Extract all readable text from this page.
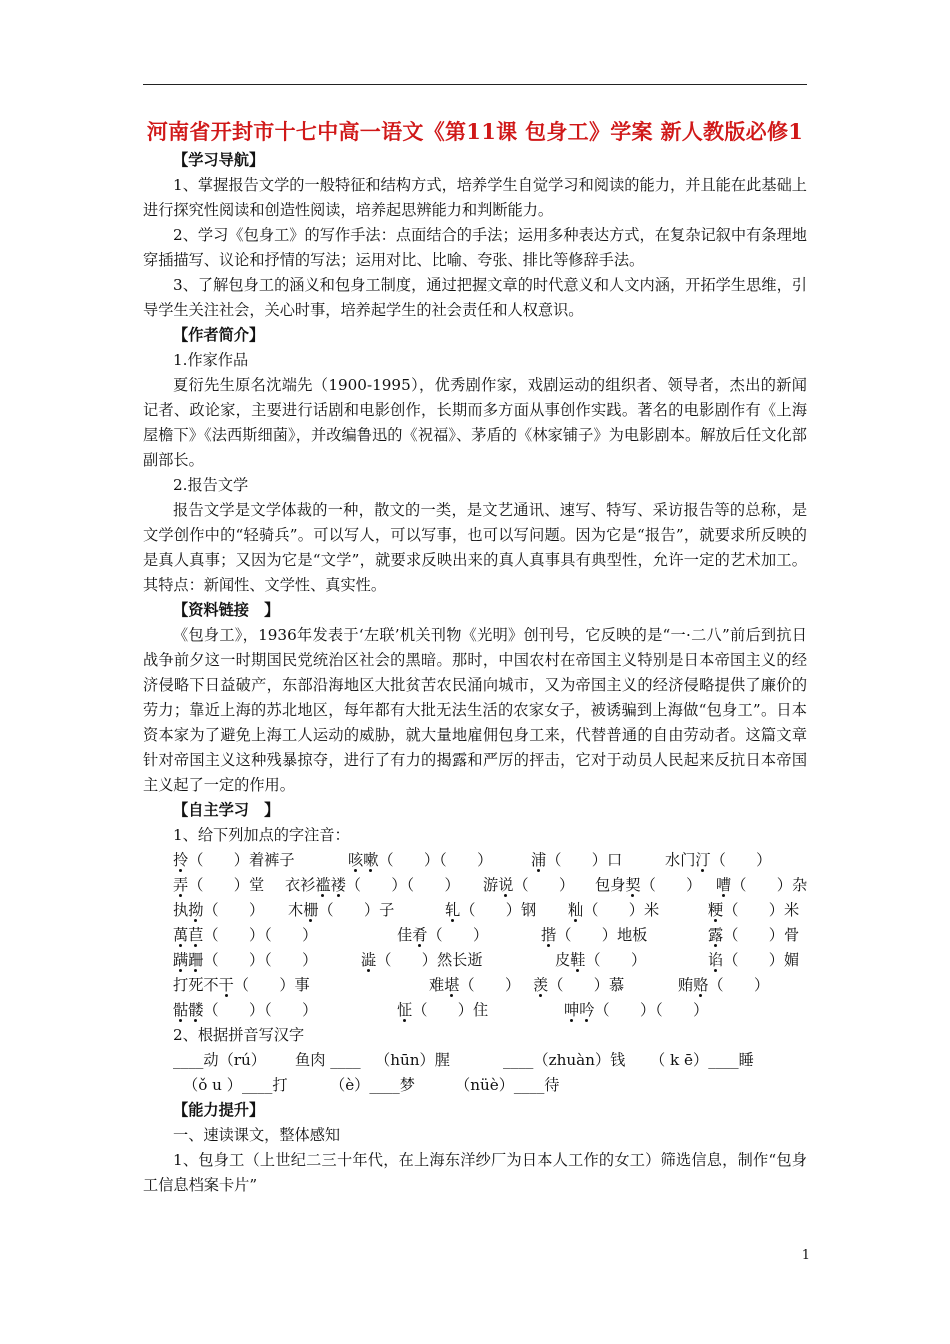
河南省开封市十七中高一语文《第11课 包身工》学案 新人教版必修1

【学习导航】

1、掌握报告文学的一般特征和结构方式，培养学生自觉学习和阅读的能力，并且能在此基础上进行探究性阅读和创造性阅读，培养起思辨能力和判断能力。

2、学习《包身工》的写作手法：点面结合的手法；运用多种表达方式，在复杂记叙中有条理地穿插描写、议论和抒情的写法；运用对比、比喻、夸张、排比等修辞手法。

3、了解包身工的涵义和包身工制度，通过把握文章的时代意义和人文内涵，开拓学生思维，引导学生关注社会，关心时事，培养起学生的社会责任和人权意识。

【作者简介】

1.作家作品

夏衍先生原名沈端先（1900-1995），优秀剧作家，戏剧运动的组织者、领导者，杰出的新闻记者、政论家，主要进行话剧和电影创作，长期而多方面从事创作实践。著名的电影剧作有《上海屋檐下》《法西斯细菌》，并改编鲁迅的《祝福》、茅盾的《林家铺子》为电影剧本。解放后任文化部副部长。

2.报告文学

报告文学是文学体裁的一种，散文的一类，是文艺通讯、速写、特写、采访报告等的总称，是文学创作中的“轻骑兵”。可以写人，可以写事，也可以写问题。因为它是“报告”，就要求所反映的是真人真事；又因为它是“文学”，就要求反映出来的真人真事具有典型性，允许一定的艺术加工。其特点：新闻性、文学性、真实性。

【资料链接　】

《包身工》，1936年发表于‘左联’机关刊物《光明》创刊号，它反映的是“一·二八”前后到抗日战争前夕这一时期国民党统治区社会的黑暗。那时，中国农村在帝国主义特别是日本帝国主义的经济侵略下日益破产，东部沿海地区大批贫苦农民涌向城市，又为帝国主义的经济侵略提供了廉价的劳力；靠近上海的苏北地区，每年都有大批无法生活的农家女子，被诱骗到上海做“包身工”。日本资本家为了避免上海工人运动的威胁，就大量地雇佣包身工来，代替普通的自由劳动者。这篇文章针对帝国主义这种残暴掠夺，进行了有力的揭露和严厉的抨击，它对于动员人民起来反抗日本帝国主义起了一定的作用。

【自主学习　】

1、给下列加点的字注音：

拎（　　 ）着裤子	咳嗽（　　 ）（　　 ）	浦（　　 ）口	水门汀（　　 ）
弄（　　 ）堂 衣衫褴褛（　　 ）（　　 ） 游说（　　 ） 包身契（　　 ） 嘈（　　 ）杂
执拗（　　 ） 木栅（　　 ）子	轧（　　 ）钢 籼（　　 ）米	粳（　　 ）米
萬苣（　　 ）（　　 ）	佳肴（　　 ）	揩（　　 ）地板	露（　　 ）骨
蹒跚（　　 ）（　　 ）	澁（　　 ）然长逝	皮鞋（　　 ）	谄（　　 ）媚
打死不干（　　 ）事	难堪（　　 ） 羡（　　 ）慕	贿赂（　　 ）
骷髅（　　 ）（　　 ）	怔（　　 ）住	呻吟（　　 ）（　　 ）

2、根据拼音写汉字

____动（rú） 鱼肉 ____ （hūn）腥	____（zhuàn）钱 （ k ē）____睡
（ǒ u ）____打	（è）____梦	（nüè）____待

【能力提升】

一、速读课文，整体感知

1、包身工（上世纪二三十年代，在上海东洋纱厂为日本人工作的女工）筛选信息，制作“包身工信息档案卡片”

1
